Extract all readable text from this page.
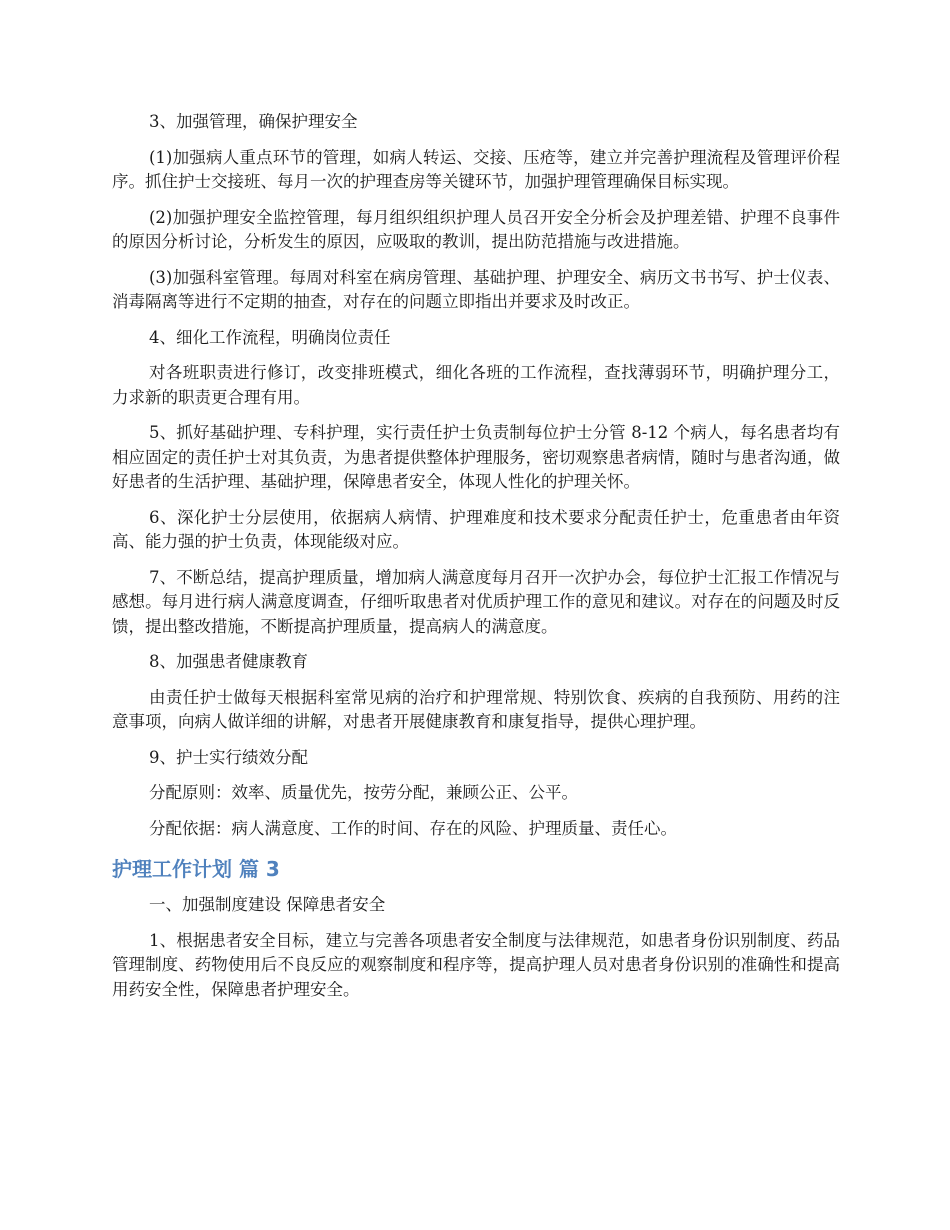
3、加强管理，确保护理安全

(1)加强病人重点环节的管理，如病人转运、交接、压疮等，建立并完善护理流程及管理评价程序。抓住护士交接班、每月一次的护理查房等关键环节，加强护理管理确保目标实现。

(2)加强护理安全监控管理，每月组织组织护理人员召开安全分析会及护理差错、护理不良事件的原因分析讨论，分析发生的原因，应吸取的教训，提出防范措施与改进措施。

(3)加强科室管理。每周对科室在病房管理、基础护理、护理安全、病历文书书写、护士仪表、消毒隔离等进行不定期的抽查，对存在的问题立即指出并要求及时改正。

4、细化工作流程，明确岗位责任

对各班职责进行修订，改变排班模式，细化各班的工作流程，查找薄弱环节，明确护理分工，力求新的职责更合理有用。

5、抓好基础护理、专科护理，实行责任护士负责制每位护士分管 8-12 个病人，每名患者均有相应固定的责任护士对其负责，为患者提供整体护理服务，密切观察患者病情，随时与患者沟通，做好患者的生活护理、基础护理，保障患者安全，体现人性化的护理关怀。

6、深化护士分层使用，依据病人病情、护理难度和技术要求分配责任护士，危重患者由年资高、能力强的护士负责，体现能级对应。

7、不断总结，提高护理质量，增加病人满意度每月召开一次护办会，每位护士汇报工作情况与感想。每月进行病人满意度调查，仔细听取患者对优质护理工作的意见和建议。对存在的问题及时反馈，提出整改措施，不断提高护理质量，提高病人的满意度。

8、加强患者健康教育

由责任护士做每天根据科室常见病的治疗和护理常规、特别饮食、疾病的自我预防、用药的注意事项，向病人做详细的讲解，对患者开展健康教育和康复指导，提供心理护理。

9、护士实行绩效分配

分配原则：效率、质量优先，按劳分配，兼顾公正、公平。

分配依据：病人满意度、工作的时间、存在的风险、护理质量、责任心。

护理工作计划 篇 3

一、加强制度建设 保障患者安全

1、根据患者安全目标，建立与完善各项患者安全制度与法律规范，如患者身份识别制度、药品管理制度、药物使用后不良反应的观察制度和程序等，提高护理人员对患者身份识别的准确性和提高用药安全性，保障患者护理安全。
